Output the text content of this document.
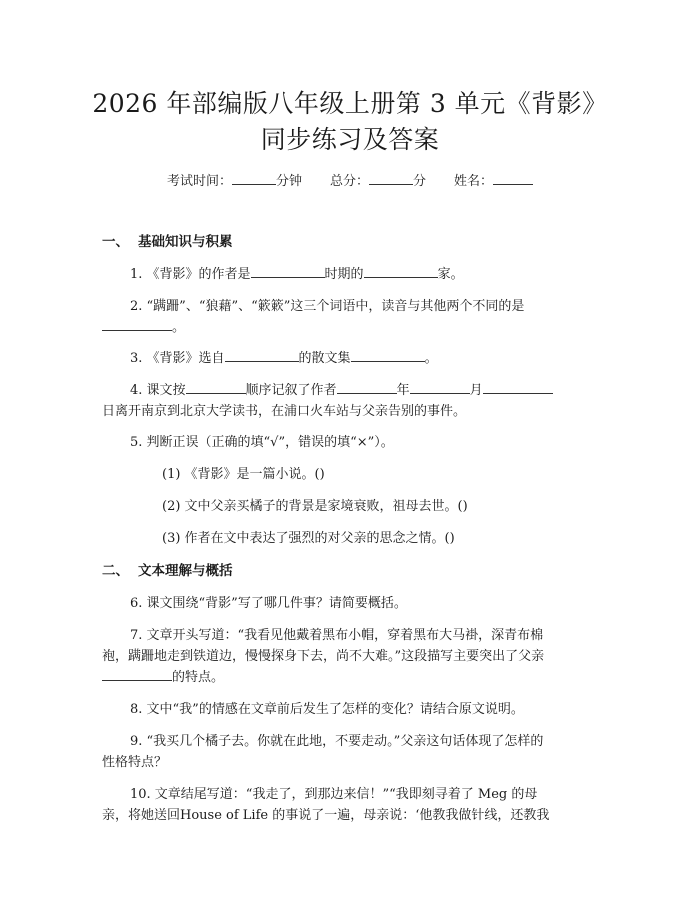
2026 年部编版八年级上册第 3 单元《背影》
同步练习及答案
考试时间：	分钟 总分：	分 姓名：
一、 基础知识与积累
1. 《背影》的作者是	时期的	家。
2. “蹒跚”、“狼藉”、“簌簌”这三个词语中，读音与其他两个不同的是
。
3. 《背影》选自	的散文集	。
4. 课文按	顺序记叙了作者	年	月
日离开南京到北京大学读书，在浦口火车站与父亲告别的事件。
5. 判断正误（正确的填“√”，错误的填“×”）。
(1) 《背影》是一篇小说。()
(2) 文中父亲买橘子的背景是家境衰败，祖母去世。()
(3) 作者在文中表达了强烈的对父亲的思念之情。()
二、 文本理解与概括
6. 课文围绕“背影”写了哪几件事？请简要概括。
7. 文章开头写道：“我看见他戴着黑布小帽，穿着黑布大马褂，深青布棉
袍，蹒跚地走到铁道边，慢慢探身下去，尚不大难。”这段描写主要突出了父亲
的特点。
8. 文中“我”的情感在文章前后发生了怎样的变化？请结合原文说明。
9. “我买几个橘子去。你就在此地，不要走动。”父亲这句话体现了怎样的
性格特点？
10. 文章结尾写道：“我走了，到那边来信！”“我即刻寻着了 Meg 的母
亲，将她送回House of Life 的事说了一遍，母亲说：‘他教我做针线，还教我
